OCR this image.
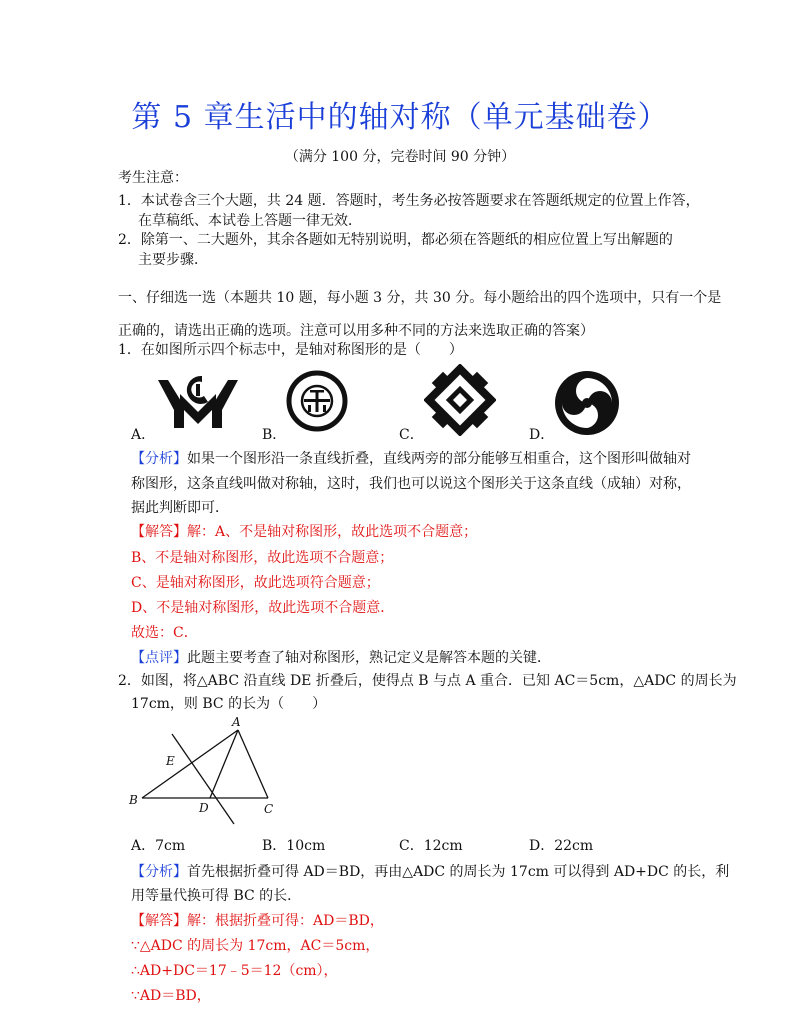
第 5 章生活中的轴对称（单元基础卷）
（满分 100 分，完卷时间 90 分钟）
考生注意：
1．本试卷含三个大题，共 24 题．答题时，考生务必按答题要求在答题纸规定的位置上作答，
在草稿纸、本试卷上答题一律无效．
2．除第一、二大题外，其余各题如无特别说明，都必须在答题纸的相应位置上写出解题的
主要步骤．
一、仔细选一选（本题共 10 题，每小题 3 分，共 30 分。每小题给出的四个选项中，只有一个是
正确的，请选出正确的选项。注意可以用多种不同的方法来选取正确的答案）
1．在如图所示四个标志中，是轴对称图形的是（　　）
A．	B．	C．	D．
【分析】如果一个图形沿一条直线折叠，直线两旁的部分能够互相重合，这个图形叫做轴对
称图形，这条直线叫做对称轴，这时，我们也可以说这个图形关于这条直线（成轴）对称，
据此判断即可．
【解答】解：A、不是轴对称图形，故此选项不合题意；
B、不是轴对称图形，故此选项不合题意；
C、是轴对称图形，故此选项符合题意；
D、不是轴对称图形，故此选项不合题意．
故选：C．
【点评】此题主要考查了轴对称图形，熟记定义是解答本题的关键．
2．如图，将△ABC 沿直线 DE 折叠后，使得点 B 与点 A 重合．已知 AC＝5cm，△ADC 的周长为
17cm，则 BC 的长为（　　）
A
B
C
D
E
A．7cm	B．10cm	C．12cm	D．22cm
【分析】首先根据折叠可得 AD＝BD，再由△ADC 的周长为 17cm 可以得到 AD+DC 的长，利
用等量代换可得 BC 的长．
【解答】解：根据折叠可得：AD＝BD，
∵△ADC 的周长为 17cm，AC＝5cm，
∴AD+DC＝17﹣5＝12（cm），
∵AD＝BD，
